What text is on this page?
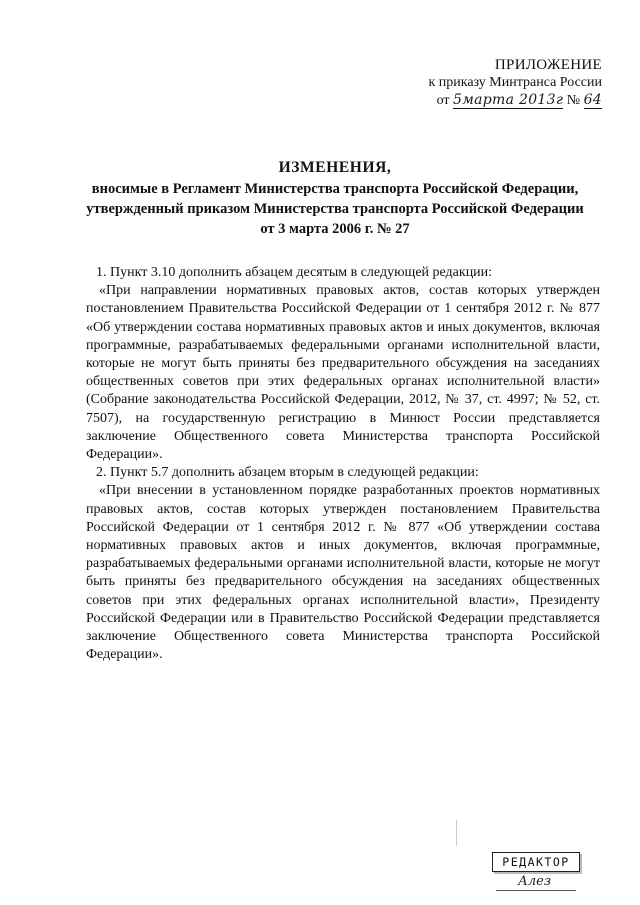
ПРИЛОЖЕНИЕ
к приказу Минтранса России
от 5марта 2013г № 64
ИЗМЕНЕНИЯ,
вносимые в Регламент Министерства транспорта Российской Федерации,
утвержденный приказом Министерства транспорта Российской Федерации
от 3 марта 2006 г. № 27

1. Пункт 3.10 дополнить абзацем десятым в следующей редакции:

«При направлении нормативных правовых актов, состав которых утвержден постановлением Правительства Российской Федерации от 1 сентября 2012 г. № 877 «Об утверждении состава нормативных правовых актов и иных документов, включая программные, разрабатываемых федеральными органами исполнительной власти, которые не могут быть приняты без предварительного обсуждения на заседаниях общественных советов при этих федеральных органах исполнительной власти» (Собрание законодательства Российской Федерации, 2012, № 37, ст. 4997; № 52, ст. 7507), на государственную регистрацию в Минюст России представляется заключение Общественного совета Министерства транспорта Российской Федерации».

2. Пункт 5.7 дополнить абзацем вторым в следующей редакции:

«При внесении в установленном порядке разработанных проектов нормативных правовых актов, состав которых утвержден постановлением Правительства Российской Федерации от 1 сентября 2012 г. № 877 «Об утверждении состава нормативных правовых актов и иных документов, включая программные, разрабатываемых федеральными органами исполнительной власти, которые не могут быть приняты без предварительного обсуждения на заседаниях общественных советов при этих федеральных органах исполнительной власти», Президенту Российской Федерации или в Правительство Российской Федерации представляется заключение Общественного совета Министерства транспорта Российской Федерации».

РЕДАКТОР
Алез
